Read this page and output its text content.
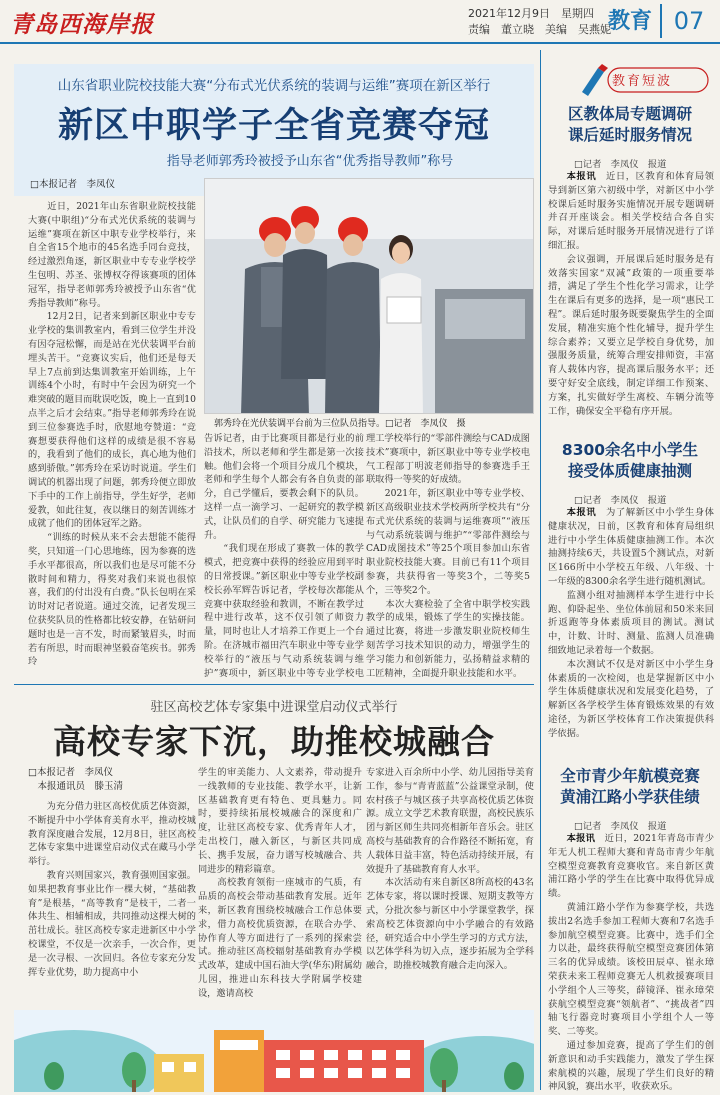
青岛西海岸报	2021年12月9日　 星期四
责编　董立晓　美编　吴燕妮
教育 07
山东省职业院校技能大赛“分布式光伏系统的装调与运维”赛项在新区举行
新区中职学子全省竞赛夺冠
指导老师郭秀玲被授予山东省“优秀指导教师”称号
□本报记者　李凤仪
郭秀玲在光伏装调平台前为三位队员指导。□记者　李凤仪　摄
　　近日，2021年山东省职业院校技能大赛(中职组)“分布式光伏系统的装调与运维”赛项在新区中职专业学校举行，来自全省15个地市的45名选手同台竞技，经过激烈角逐，新区职业中专专业学校学生包明、苏圣、张博权夺得该赛项的团体冠军，指导老师郭秀玲被授予山东省“优秀指导教师”称号。
　　12月2日，记者来到新区职业中专专业学校的集训教室内，看到三位学生并没有因夺冠松懈，而是站在光伏装调平台前埋头苦干。“竞赛议实后，他们还是每天早上7点前到达集训教室开始训练，上午训练4个小时，有时中午会因为研究一个难突破的题目而耽误吃饭，晚上一直到10点半之后才会结束。”指导老师郭秀玲在说到三位参赛选手时，欣慰地夸赞道：“竞赛想要获得他们这样的成绩是很不容易的，我看到了他们的成长，真心地为他们感到骄傲。”郭秀玲在采访时说道。学生们调试的机器出现了问题，郭秀玲便立即放下手中的工作上前指导，学生好学，老师爱教，如此往复，夜以继日的刻苦训练才成就了他们的团体冠军之路。
　　“训练的时候从来不会去想能不能得奖，只知道一门心思地练，因为参赛的选手水平都很高，所以我们也是尽可能不分散时间和精力，得奖对我们来说也很惊喜，我们的付出没有白费。”队长包明在采访时对记者说道。通过交流，记者发现三位获奖队员的性格都比较安静，在钻研问题时也是一言不发，时而紧皱眉头，时而若有所思，时而眼神坚毅奋笔疾书。郭秀玲
告诉记者，由于比赛项目都是行业的前沿技术，所以老师和学生都是第一次接触。他们会将一个项目分成几个模块，老师和学生每个人都会有各自负责的部分，自己学懂后，要教会剩下的队员。这样一点一滴学习、一起研究的教学模式，让队员们的自学、研究能力飞速提升。
　　“我们现在形成了赛教一体的教学模式，把竞赛中获得的经验应用到平时的日常授课。”新区职业中等专业学校副校长孙军辉告诉记者，学校每次都能从竞赛中获取经验和教训，不断在教学过程中进行改革，这不仅引领了师资力量，同时也让人才培养工作更上一个台阶。在济城市福田汽车职业中等专业学校举行的“液压与气动系统装调与维护”赛项中，新区职业中等专业学校电
理工学校举行的“零部件测绘与CAD成图技术”赛项中，新区职业中等专业学校电气工程部丁明波老师指导的参赛选手王联取得一等奖的好成绩。
　　2021年，新区职业中等专业学校、新区高级职业技术学校两所学校共有“分布式光伏系统的装调与运维赛项”“液压与气动系统装调与维护”“零部件测绘与CAD成图技术”等25个项目参加山东省职业院校技能大赛。目前已有11个项目参赛，共获得省一等奖3个，二等奖5个，三等奖2个。
　　本次大赛检验了全省中职学校实践教学的成果，锻炼了学生的实操技能。通过比赛，将进一步激发职业院校师生刻苦学习技术知识的动力，增强学生的学习能力和创新能力，弘扬精益求精的工匠精神，全面提升职业技能和水平。
驻区高校艺体专家集中进课堂启动仪式举行
高校专家下沉，助推校城融合
□本报记者　李凤仪
　本报通讯员　滕玉清
　　为充分借力驻区高校优质艺体资源，不断提升中小学体育美育水平，推动校城教育深度融合发展，12月8日，驻区高校艺体专家集中进课堂启动仪式在藏马小学举行。
　　教育兴则国家兴，教育强则国家强。如果把教育事业比作一棵大树，“基础教育”是根基，“高等教育”是枝干，二者一体共生、相辅相成，共同推动这棵大树的茁壮成长。驻区高校专家走进新区中小学校课堂，不仅是一次亲手，一次合作，更是一次寻根、一次回归。各位专家充分发挥专业优势，助力提高中小
学生的审美能力、人文素养，带动提升一线教师的专业技能、教学水平，让新区基础教育更有特色、更具魅力。同时，要持续拓展校城融合的深度和广度，让驻区高校专家、优秀青年人才，走出校门，融入新区，与新区共同成长、携手发展，奋力谱写校城融合、共同进步的精彩篇章。
　　高校教育领衔一座城市的气质，有品质的高校会带动基础教育发展。近年来，新区教育围绕校城融合工作总体要求，借力高校优质资源，在联合办学、协作育人等方面进行了一系列的探索尝试。推动驻区高校辐射基础教育办学模式改革，建成中国石油大学(华东)附属幼儿园，推进山东科技大学附属学校建设，邀请高校
专家进入百余所中小学、幼儿园指导美育工作，参与“青青蓝蓝”公益课堂录制，使农村孩子与城区孩子共享高校优质艺体资源。成立文学艺术教育联盟，高校民族乐团与新区师生共同亮相新年音乐会。驻区高校与基础教育的合作路径不断拓宽，育人载体日益丰富，特色活动持续开展，有效提升了基础教育育人水平。
　　本次活动有来自新区8所高校的43名艺体专家，将以课时授课、短期支教等方式，分批次参与新区中小学课堂教学，探索高校艺体资源向中小学融合的有效路径，研究适合中小学生学习的方式方法，以艺体学科为切入点，逐步拓展为全学科融合，助推校城教育融合走向深入。
教育短波
区教体局专题调研
课后延时服务情况
□记者　李凤仪　报道

本报讯　近日，区教育和体育局领导到新区第六初级中学，对新区中小学校课后延时服务实施情况开展专题调研并召开座谈会。相关学校结合各自实际，对课后延时服务开展情况进行了详细汇报。

会议强调，开展课后延时服务是有效落实国家“双减”政策的一项重要举措，满足了学生个性化学习需求，让学生在课后有更多的选择，是一项“惠民工程”。课后延时服务既要聚焦学生的全面发展，精准实施个性化辅导，提升学生综合素养；又要立足学校自身优势，加强服务质量，统筹合理安排师资，丰富育人载体内容，提高课后服务水平；还要守好安全底线，制定详细工作预案、方案，扎实做好学生离校、车辆分流等工作，确保安全平稳有序开展。

8300余名中小学生
接受体质健康抽测
□记者　李凤仪　报道

本报讯　为了解新区中小学生身体健康状况，日前，区教育和体育局组织进行中小学生体质健康抽测工作。本次抽测持续6天，共设置5个测试点，对新区166所中小学校五年级、八年级、十一年级的8300余名学生进行随机测试。

监测小组对抽测样本学生进行中长跑、仰卧起坐、坐位体前屈和50米来回折返跑等身体素质项目的测试。测试中，计数、计时、测量、监测人员准确细致地记录着每一个数据。

本次测试不仅是对新区中小学生身体素质的一次检阅，也是掌握新区中小学生体质健康状况和发展变化趋势，了解新区各学校学生体育锻炼效果的有效途径，为新区学校体育工作决策提供科学依据。

全市青少年航模竞赛
黄浦江路小学获佳绩
□记者　李凤仪　报道

本报讯　近日，2021年青岛市青少年无人机工程师大赛和青岛市青少年航空模型竞赛教育竞赛收官。来自新区黄浦江路小学的学生在比赛中取得优异成绩。

黄浦江路小学作为参赛学校，共选拔出2名选手参加工程师大赛和7名选手参加航空模型竞赛。比赛中，选手们全力以赴，最终获得航空模型竞赛团体第三名的优异成绩。该校田辰卓、崔永璋荣获未来工程师竞赛无人机救援赛项目小学组个人三等奖，薛镜泽、崔永璋荣获航空模型竞赛“领航者”、“挑战者”四轴飞行器竞时赛项目小学组个人一等奖、二等奖。

通过参加竞赛，提高了学生们的创新意识和动手实践能力，激发了学生探索航模的兴趣，展现了学生们良好的精神风貌，赛出水平，收获欢乐。
